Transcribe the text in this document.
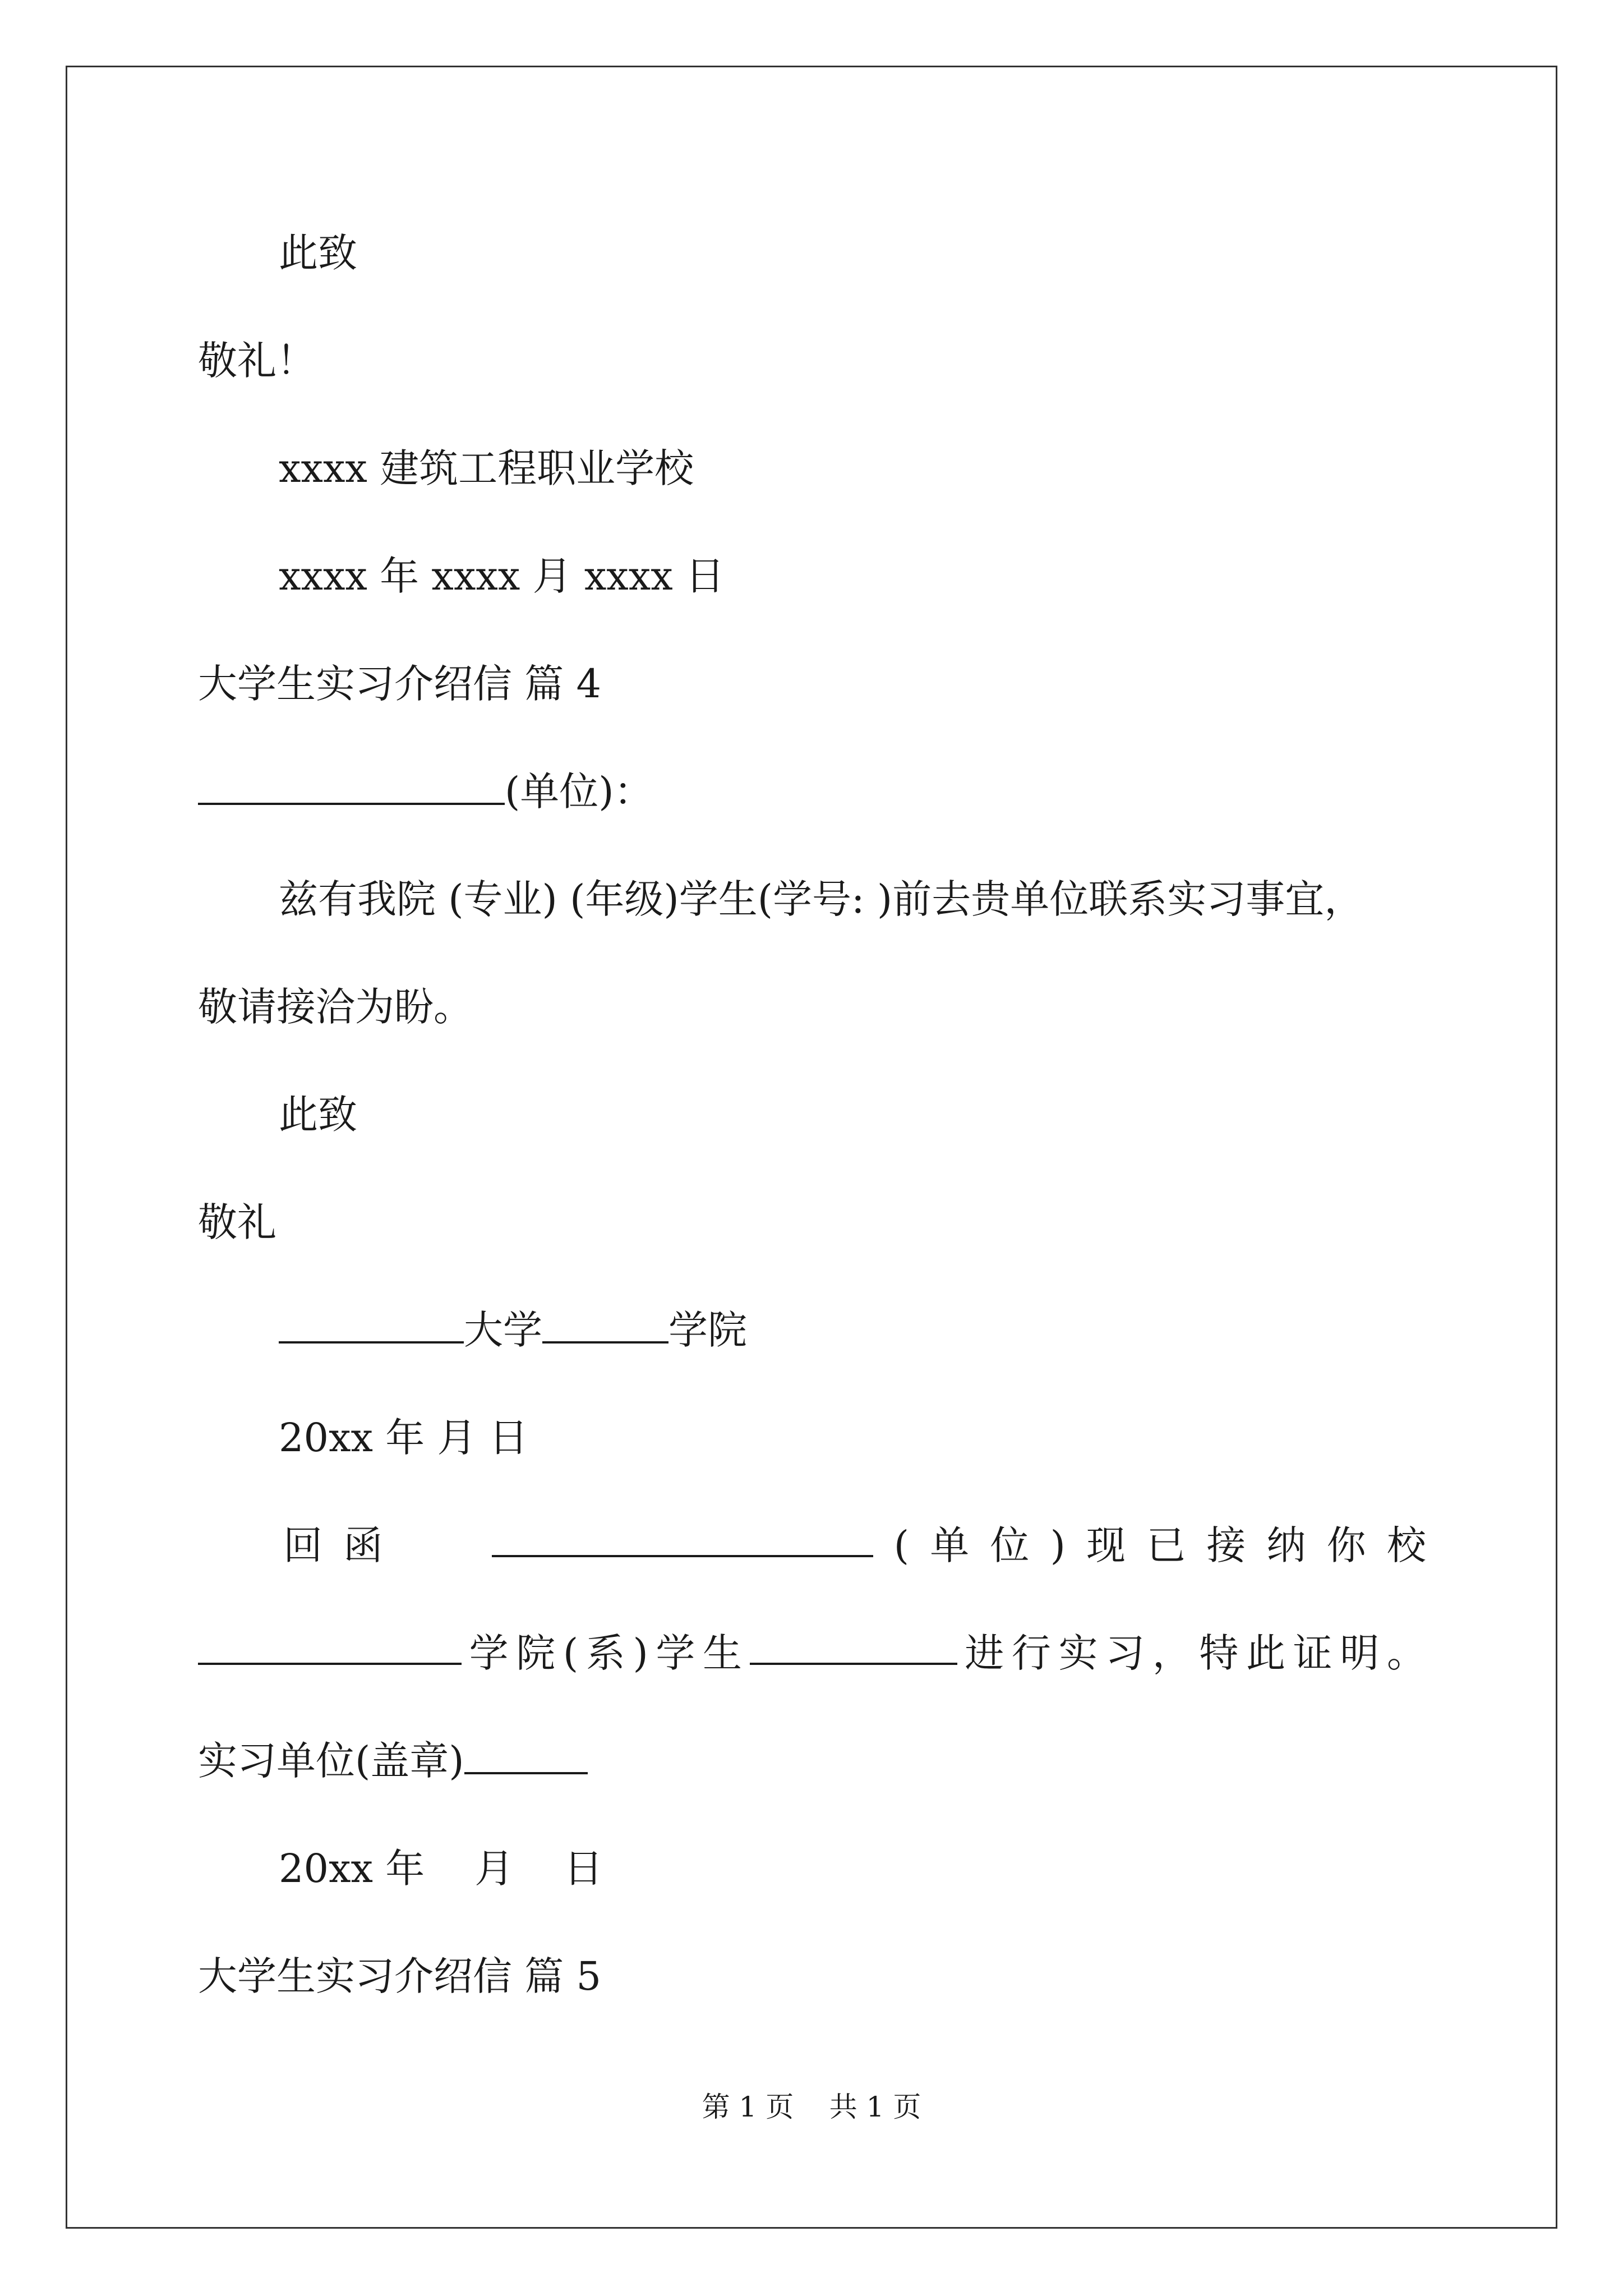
此致

敬礼！

xxxx 建筑工程职业学校

xxxx 年 xxxx 月 xxxx 日

大学生实习介绍信 篇 4

(单位)：

兹有我院 (专业) (年级)学生(学号: )前去贵单位联系实习事宜，

敬请接洽为盼。

此致

敬礼

大学	学院

20xx 年 月 日

回 函	( 单 位 ) 现 已 接 纳 你 校
学 院 ( 系 ) 学 生	进 行 实 习 ， 特 此 证 明 。

实习单位(盖章)

20xx 年    月    日

大学生实习介绍信 篇 5

第 1 页    共 1 页
